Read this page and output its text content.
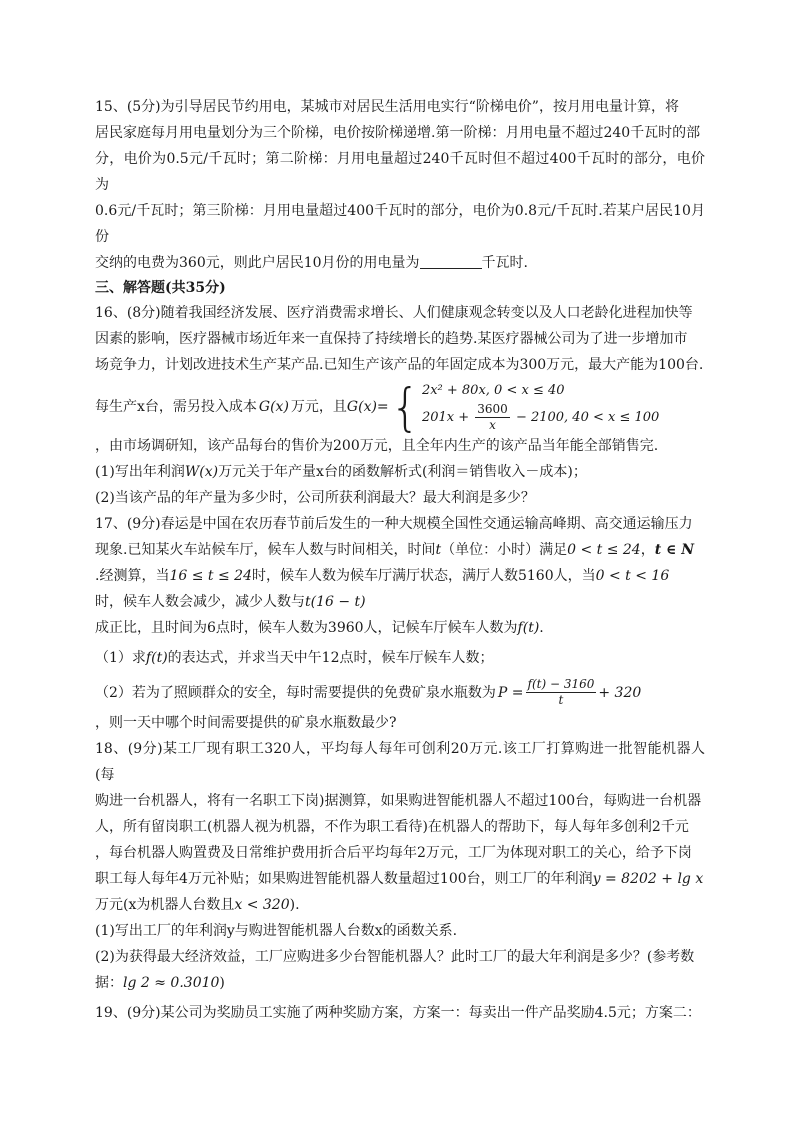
15、(5分)为引导居民节约用电，某城市对居民生活用电实行“阶梯电价”，按月用电量计算，将

居民家庭每月用电量划分为三个阶梯，电价按阶梯递增.第一阶梯：月用电量不超过240千瓦时的部

分，电价为0.5元/千瓦时；第二阶梯：月用电量超过240千瓦时但不超过400千瓦时的部分，电价为

0.6元/千瓦时；第三阶梯：月用电量超过400千瓦时的部分，电价为0.8元/千瓦时.若某户居民10月份

交纳的电费为360元，则此户居民10月份的用电量为	千瓦时.

三、解答题(共35分)

16、(8分)随着我国经济发展、医疗消费需求增长、人们健康观念转变以及人口老龄化进程加快等

因素的影响，医疗器械市场近年来一直保持了持续增长的趋势.某医疗器械公司为了进一步增加市

场竞争力，计划改进技术生产某产品.已知生产该产品的年固定成本为300万元，最大产能为100台.

每生产x台，需另投入成本 G(x) 万元，且 G(x)= { 2x² + 80x, 0 < x ≤ 40
$201x + \frac{3600}{x} - 2100$, 40 < x ≤ 100

，由市场调研知，该产品每台的售价为200万元，且全年内生产的该产品当年能全部销售完.

(1)写出年利润W(x)万元关于年产量x台的函数解析式(利润＝销售收入－成本)；

(2)当该产品的年产量为多少时，公司所获利润最大？最大利润是多少？

17、(9分)春运是中国在农历春节前后发生的一种大规模全国性交通运输高峰期、高交通运输压力

现象.已知某火车站候车厅，候车人数与时间相关，时间t（单位：小时）满足0 < t ≤ 24，t ∈ N

.经测算，当16 ≤ t ≤ 24时，候车人数为候车厅满厅状态，满厅人数5160人，当0 < t < 16

时，候车人数会减少，减少人数与t(16 − t)

成正比，且时间为6点时，候车人数为3960人，记候车厅候车人数为f(t).

（1）求f(t)的表达式，并求当天中午12点时，候车厅候车人数；

（2）若为了照顾群众的安全，每时需要提供的免费矿泉水瓶数为 $P = \frac{f(t) - 3160}{t} + 320$

，则一天中哪个时间需要提供的矿泉水瓶数最少?

18、(9分)某工厂现有职工320人，平均每人每年可创利20万元.该工厂打算购进一批智能机器人(每

购进一台机器人，将有一名职工下岗)据测算，如果购进智能机器人不超过100台，每购进一台机器

人，所有留岗职工(机器人视为机器，不作为职工看待)在机器人的帮助下，每人每年多创利2千元

，每台机器人购置费及日常维护费用折合后平均每年2万元，工厂为体现对职工的关心，给予下岗

职工每人每年4万元补贴；如果购进智能机器人数量超过100台，则工厂的年利润y = 8202 + lg x

万元(x为机器人台数且x < 320).

(1)写出工厂的年利润y与购进智能机器人台数x的函数关系.

(2)为获得最大经济效益，工厂应购进多少台智能机器人？此时工厂的最大年利润是多少？(参考数

据：lg 2 ≈ 0.3010)

19、(9分)某公司为奖励员工实施了两种奖励方案，方案一：每卖出一件产品奖励4.5元；方案二：
